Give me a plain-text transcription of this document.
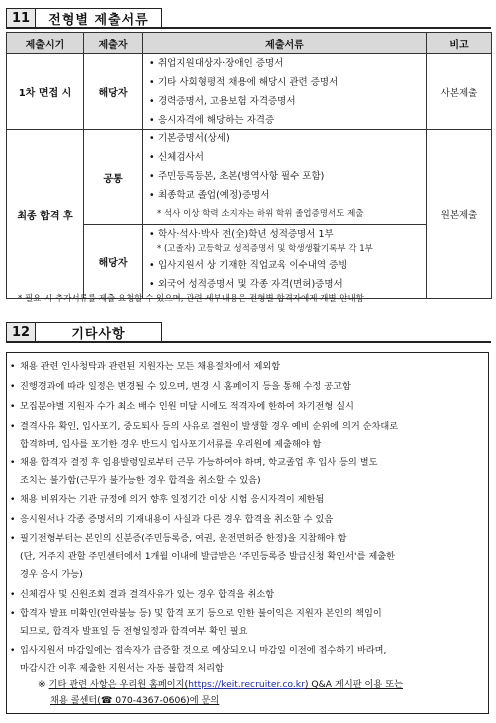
11	전형별 제출서류
제출시기	제출자	제출서류	비고
1차 면접 시	해당자	• 취업지원대상자·장애인 증명서
• 기타 사회형평적 채용에 해당시 관련 증명서
• 경력증명서, 고용보험 자격증명서
• 응시자격에 해당하는 자격증	사본제출
최종 합격 후	공통	• 기본증명서(상세)
• 신체검사서
• 주민등록등본, 초본(병역사항 필수 포함)
• 최종학교 졸업(예정)증명서
* 석사 이상 학력 소지자는 하위 학위 졸업증명서도 제출	원본제출
	해당자	• 학사·석사·박사 전(全)학년 성적증명서 1부
* (고졸자) 고등학교 성적증명서 및 학생생활기록부 각 1부
• 입사지원서 상 기재한 직업교육 이수내역 증빙
• 외국어 성적증명서 및 각종 자격(면허)증명서
* 필요 시 추가서류를 제출 요청할 수 있으며, 관련 세부내용은 전형별 합격자에게 개별 안내함
12	기타사항
• 채용 관련 인사청탁과 관련된 지원자는 모든 채용절차에서 제외함
• 진행경과에 따라 일정은 변경될 수 있으며, 변경 시 홈페이지 등을 통해 수정 공고함
• 모집분야별 지원자 수가 최소 배수 인원 미달 시에도 적격자에 한하여 차기전형 실시
• 결격사유 확인, 입사포기, 중도퇴사 등의 사유로 결원이 발생할 경우 예비 순위에 의거 순차대로
합격하며, 입사를 포기한 경우 반드시 입사포기서류를 우리원에 제출해야 함
• 채용 합격자 결정 후 임용발령일로부터 근무 가능하여야 하며, 학교졸업 후 입사 등의 별도
조치는 불가함(근무가 불가능한 경우 합격을 취소할 수 있음)
• 채용 비위자는 기관 규정에 의거 향후 일정기간 이상 시험 응시자격이 제한됨
• 응시원서나 각종 증명서의 기재내용이 사실과 다른 경우 합격을 취소할 수 있음
• 필기전형부터는 본인의 신분증(주민등록증, 여권, 운전면허증 한정)을 지참해야 함
(단, 거주지 관할 주민센터에서 1개월 이내에 발급받은 '주민등록증 발급신청 확인서'를 제출한
경우 응시 가능)
• 신체검사 및 신원조회 결과 결격사유가 있는 경우 합격을 취소함
• 합격자 발표 미확인(연락불능 등) 및 합격 포기 등으로 인한 불이익은 지원자 본인의 책임이
되므로, 합격자 발표일 등 전형일정과 합격여부 확인 필요
• 입사지원서 마감일에는 접속자가 급증할 것으로 예상되오니 마감일 이전에 접수하기 바라며,
마감시간 이후 제출한 지원서는 자동 불합격 처리함
※ 기타 관련 사항은 우리원 홈페이지(https://keit.recruiter.co.kr) Q&A 게시판 이용 또는
채용 콜센터(☎ 070-4367-0606)에 문의
